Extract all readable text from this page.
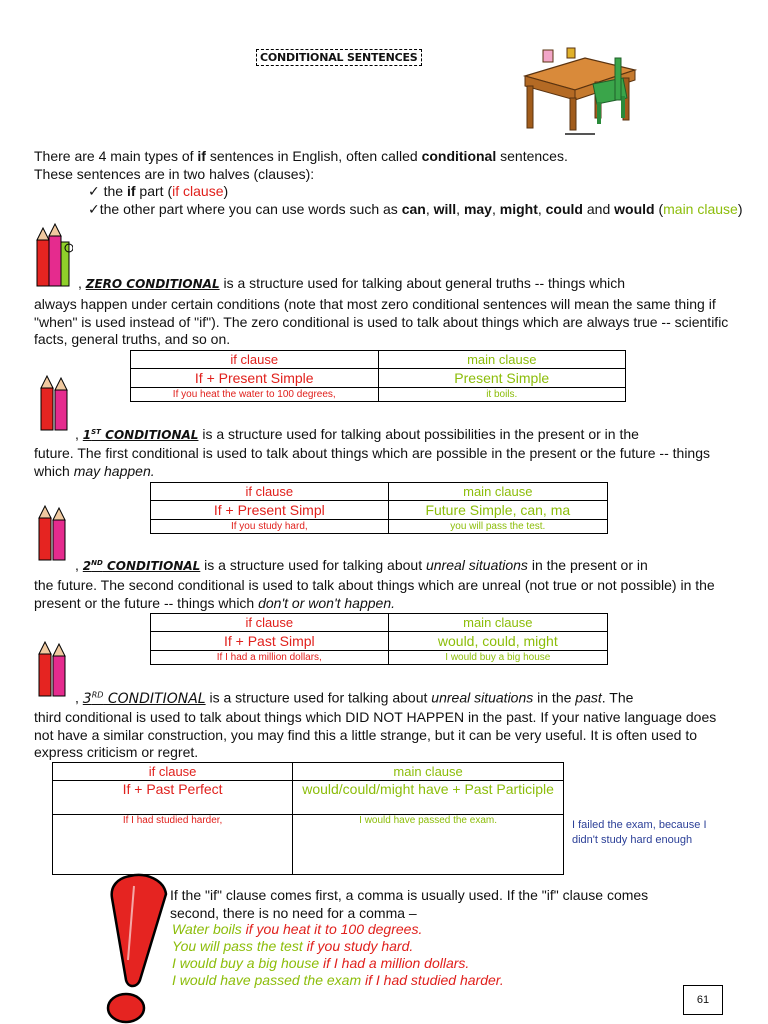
CONDITIONAL SENTENCES
There are 4 main types of if sentences in English, often called conditional sentences.
These sentences are in two halves (clauses):
✓ the if part (if clause)
✓the other part where you can use words such as can, will, may, might, could and would (main clause)
, ZERO CONDITIONAL is a structure used for talking about general truths -- things which
always happen under certain conditions (note that most zero conditional sentences will mean the same thing if "when" is used instead of "if"). The zero conditional is used to talk about things which are always true -- scientific facts, general truths, and so on.
if clause	main clause
If + Present Simple	Present Simple
If you heat the water to 100 degrees,	it boils.
, 1ST CONDITIONAL is a structure used for talking about possibilities in the present or in the
future. The first conditional is used to talk about things which are possible in the present or the future -- things which may happen.
if clause	main clause
If + Present Simpl	Future Simple, can, ma
If you study hard,	you will pass the test.
, 2ND CONDITIONAL is a structure used for talking about unreal situations in the present or in
the future. The second conditional is used to talk about things which are unreal (not true or not possible) in the present or the future -- things which don't or won't happen.
if clause	main clause
If + Past Simpl	would, could, might
If I had a million dollars,	I would buy a big house
, 3RD CONDITIONAL is a structure used for talking about unreal situations in the past. The
third conditional is used to talk about things which DID NOT HAPPEN in the past. If your native language does not have a similar construction, you may find this a little strange, but it can be very useful. It is often used to express criticism or regret.
if clause	main clause
If + Past Perfect	would/could/might have + Past Participle
If I had studied harder,	I would have passed the exam.	I failed the exam, because I didn't study hard enough
If the "if" clause comes first, a comma is usually used. If the "if" clause comes
second, there is no need for a comma –
Water boils if you heat it to 100 degrees.
You will pass the test if you study hard.
I would buy a big house if I had a million dollars.
I would have passed the exam if I had studied harder.
61
